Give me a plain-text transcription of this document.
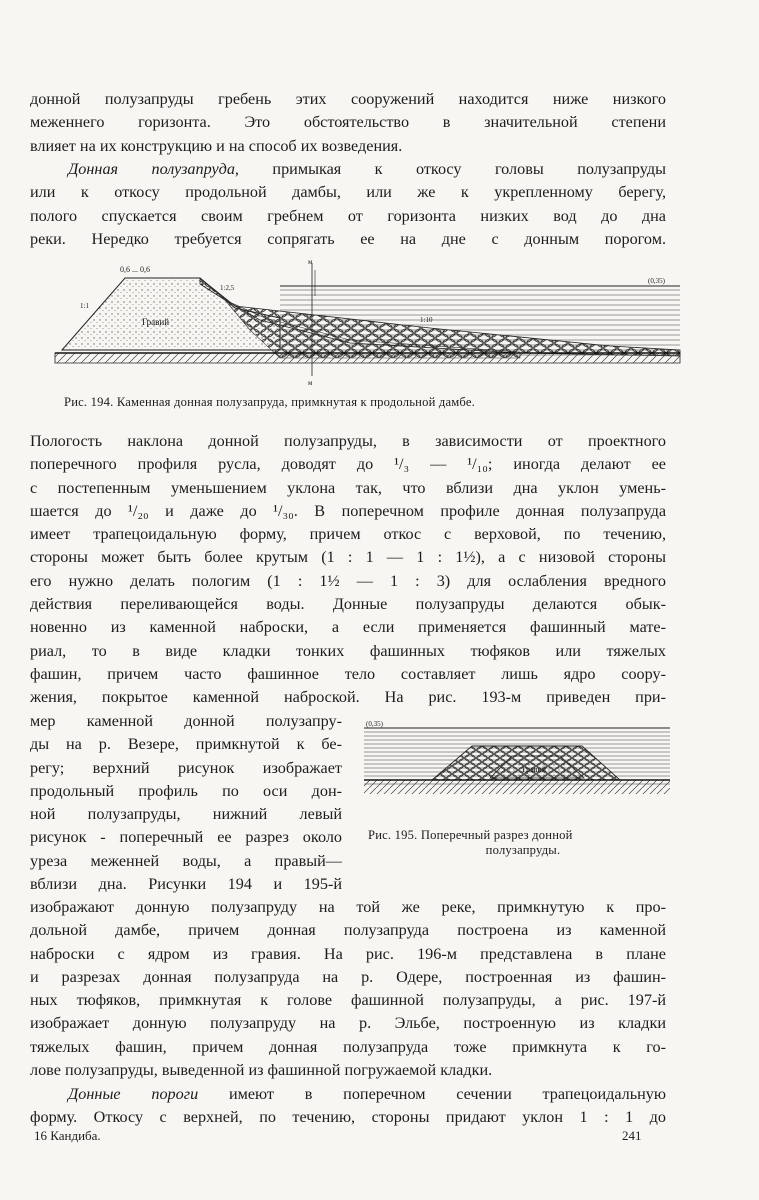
донной полузапруды гребень этих сооружений находится ниже низкого
меженнего горизонта. Это обстоятельство в значительной степени
влияет на их конструкцию и на способ их возведения.
Донная полузапруда, примыкая к откосу головы полузапруды
или к откосу продольной дамбы, или же к укрепленному берегу,
полого спускается своим гребнем от горизонта низких вод до дна
реки. Нередко требуется сопрягать ее на дне с донным порогом.
0,6 ... 0,6
Гравий
1:1
1:10
1:2,5
(0,35)
м
м
Рис. 194. Каменная донная полузапруда, примкнутая к продольной дамбе.
Пологость наклона донной полузапруды, в зависимости от проектного
поперечного профиля русла, доводят до ¹/₃ — ¹/₁₀; иногда делают ее
с постепенным уменьшением уклона так, что вблизи дна уклон умень-
шается до ¹/₂₀ и даже до ¹/₃₀. В поперечном профиле донная полузапруда
имеет трапецоидальную форму, причем откос с верховой, по течению,
стороны может быть более крутым (1 : 1 — 1 : 1½), а с низовой стороны
его нужно делать пологим (1 : 1½ — 1 : 3) для ослабления вредного
действия переливающейся воды. Донные полузапруды делаются обык-
новенно из каменной наброски, а если применяется фашинный мате-
риал, то в виде кладки тонких фашинных тюфяков или тяжелых
фашин, причем часто фашинное тело составляет лишь ядро соору-
жения, покрытое каменной наброской. На рис. 193-м приведен при-
мер каменной донной полузапру-
ды на р. Везере, примкнутой к бе-
регу; верхний рисунок изображает
продольный профиль по оси дон-
ной полузапруды, нижний левый
рисунок - поперечный ее разрез около
уреза меженней воды, а правый—
вблизи дна. Рисунки 194 и 195-й
(0,35)
Гравий
Рис. 195. Поперечный разрез донной
полузапруды.
изображают донную полузапруду на той же реке, примкнутую к про-
дольной дамбе, причем донная полузапруда построена из каменной
наброски с ядром из гравия. На рис. 196-м представлена в плане
и разрезах донная полузапруда на р. Одере, построенная из фашин-
ных тюфяков, примкнутая к голове фашинной полузапруды, а рис. 197-й
изображает донную полузапруду на р. Эльбе, построенную из кладки
тяжелых фашин, причем донная полузапруда тоже примкнута к го-
лове полузапруды, выведенной из фашинной погружаемой кладки.
Донные пороги имеют в поперечном сечении трапецоидальную
форму. Откосу с верхней, по течению, стороны придают уклон 1 : 1 до
16 Кандиба.	241
